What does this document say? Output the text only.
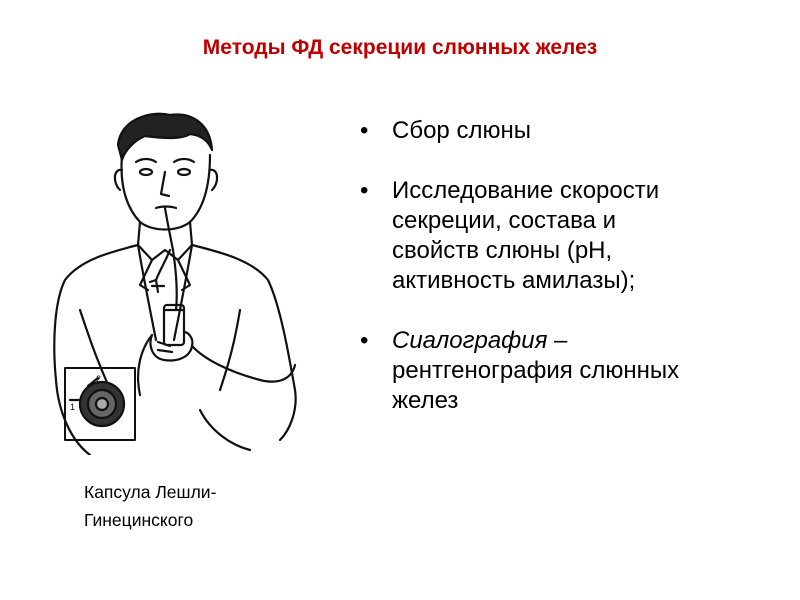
Методы ФД секреции слюнных желез
1
2
Капсула Лешли-
Гинецинского
• Сбор слюны
• Исследование скорости
секреции, состава и
свойств слюны (рН,
активность амилазы);
• Сиалография –
рентгенография слюнных
желез
